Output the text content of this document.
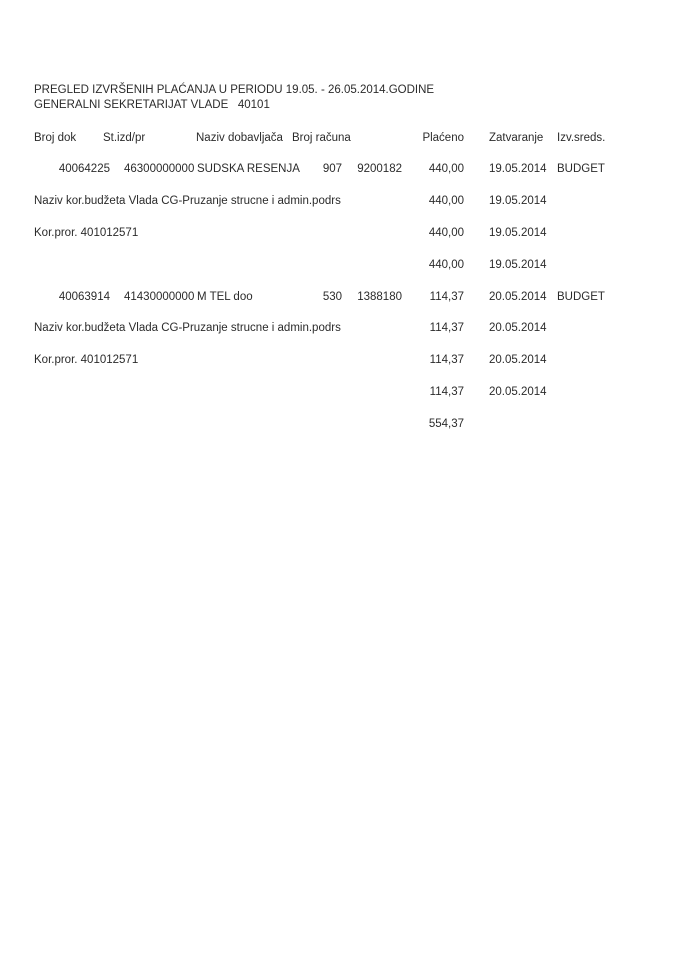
PREGLED IZVRŠENIH PLAĆANJA U PERIODU 19.05. - 26.05.2014.GODINE
GENERALNI SEKRETARIJAT VLADE   40101
Broj dok St.izd/pr	Naziv dobavljača Broj računa	Plaćeno Zatvaranje Izv.sreds.
40064225 46300000000 SUDSKA RESENJA	907	9200182	440,00 19.05.2014 BUDGET
Naziv kor.budžeta Vlada CG-Pruzanje strucne i admin.podrs	440,00 19.05.2014
Kor.pror. 401012571	440,00 19.05.2014
440,00 19.05.2014
40063914 41430000000 M TEL doo	530	1388180	114,37 20.05.2014 BUDGET
Naziv kor.budžeta Vlada CG-Pruzanje strucne i admin.podrs	114,37 20.05.2014
Kor.pror. 401012571	114,37 20.05.2014
114,37 20.05.2014
554,37
